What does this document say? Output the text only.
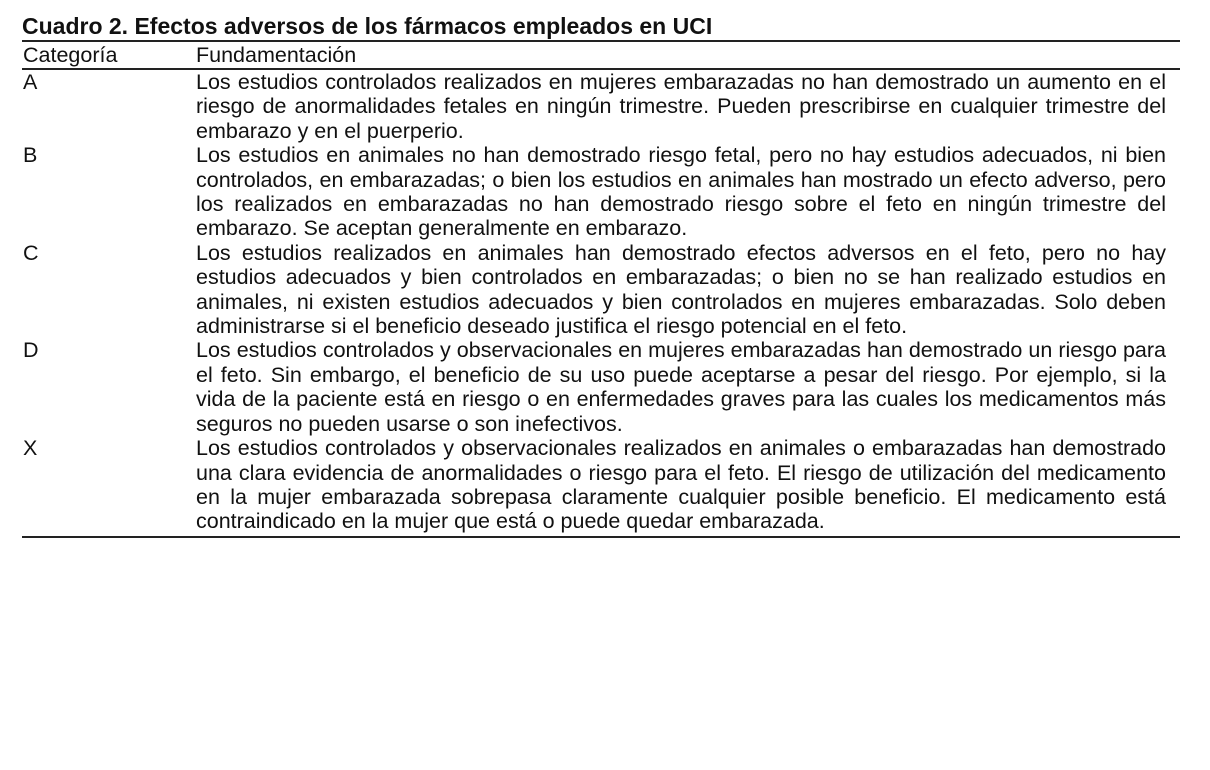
Cuadro 2. Efectos adversos de los fármacos empleados en UCI
Categoría	Fundamentación
A	Los estudios controlados realizados en mujeres embarazadas no han demostrado un aumento en el riesgo de anormalidades fetales en ningún trimestre. Pueden prescribirse en cualquier trimestre del embarazo y en el puerperio.
B	Los estudios en animales no han demostrado riesgo fetal, pero no hay estudios adecuados, ni bien controlados, en embarazadas; o bien los estudios en animales han mostrado un efecto adverso, pero los realizados en embarazadas no han demostrado riesgo sobre el feto en ningún trimestre del embarazo. Se aceptan generalmente en embarazo.
C	Los estudios realizados en animales han demostrado efectos adversos en el feto, pero no hay estudios adecuados y bien controlados en embarazadas; o bien no se han realizado estudios en animales, ni existen estudios adecuados y bien controlados en mujeres embarazadas. Solo deben administrarse si el beneficio deseado justifica el riesgo potencial en el feto.
D	Los estudios controlados y observacionales en mujeres embarazadas han demostrado un riesgo para el feto. Sin embargo, el beneficio de su uso puede aceptarse a pesar del riesgo. Por ejemplo, si la vida de la paciente está en riesgo o en enfermedades graves para las cuales los medicamentos más seguros no pueden usarse o son inefectivos.
X	Los estudios controlados y observacionales realizados en animales o embarazadas han demostrado una clara evidencia de anormalidades o riesgo para el feto. El riesgo de utilización del medicamento en la mujer embarazada sobrepasa claramente cualquier posible beneficio. El medicamento está contraindicado en la mujer que está o puede quedar embarazada.
